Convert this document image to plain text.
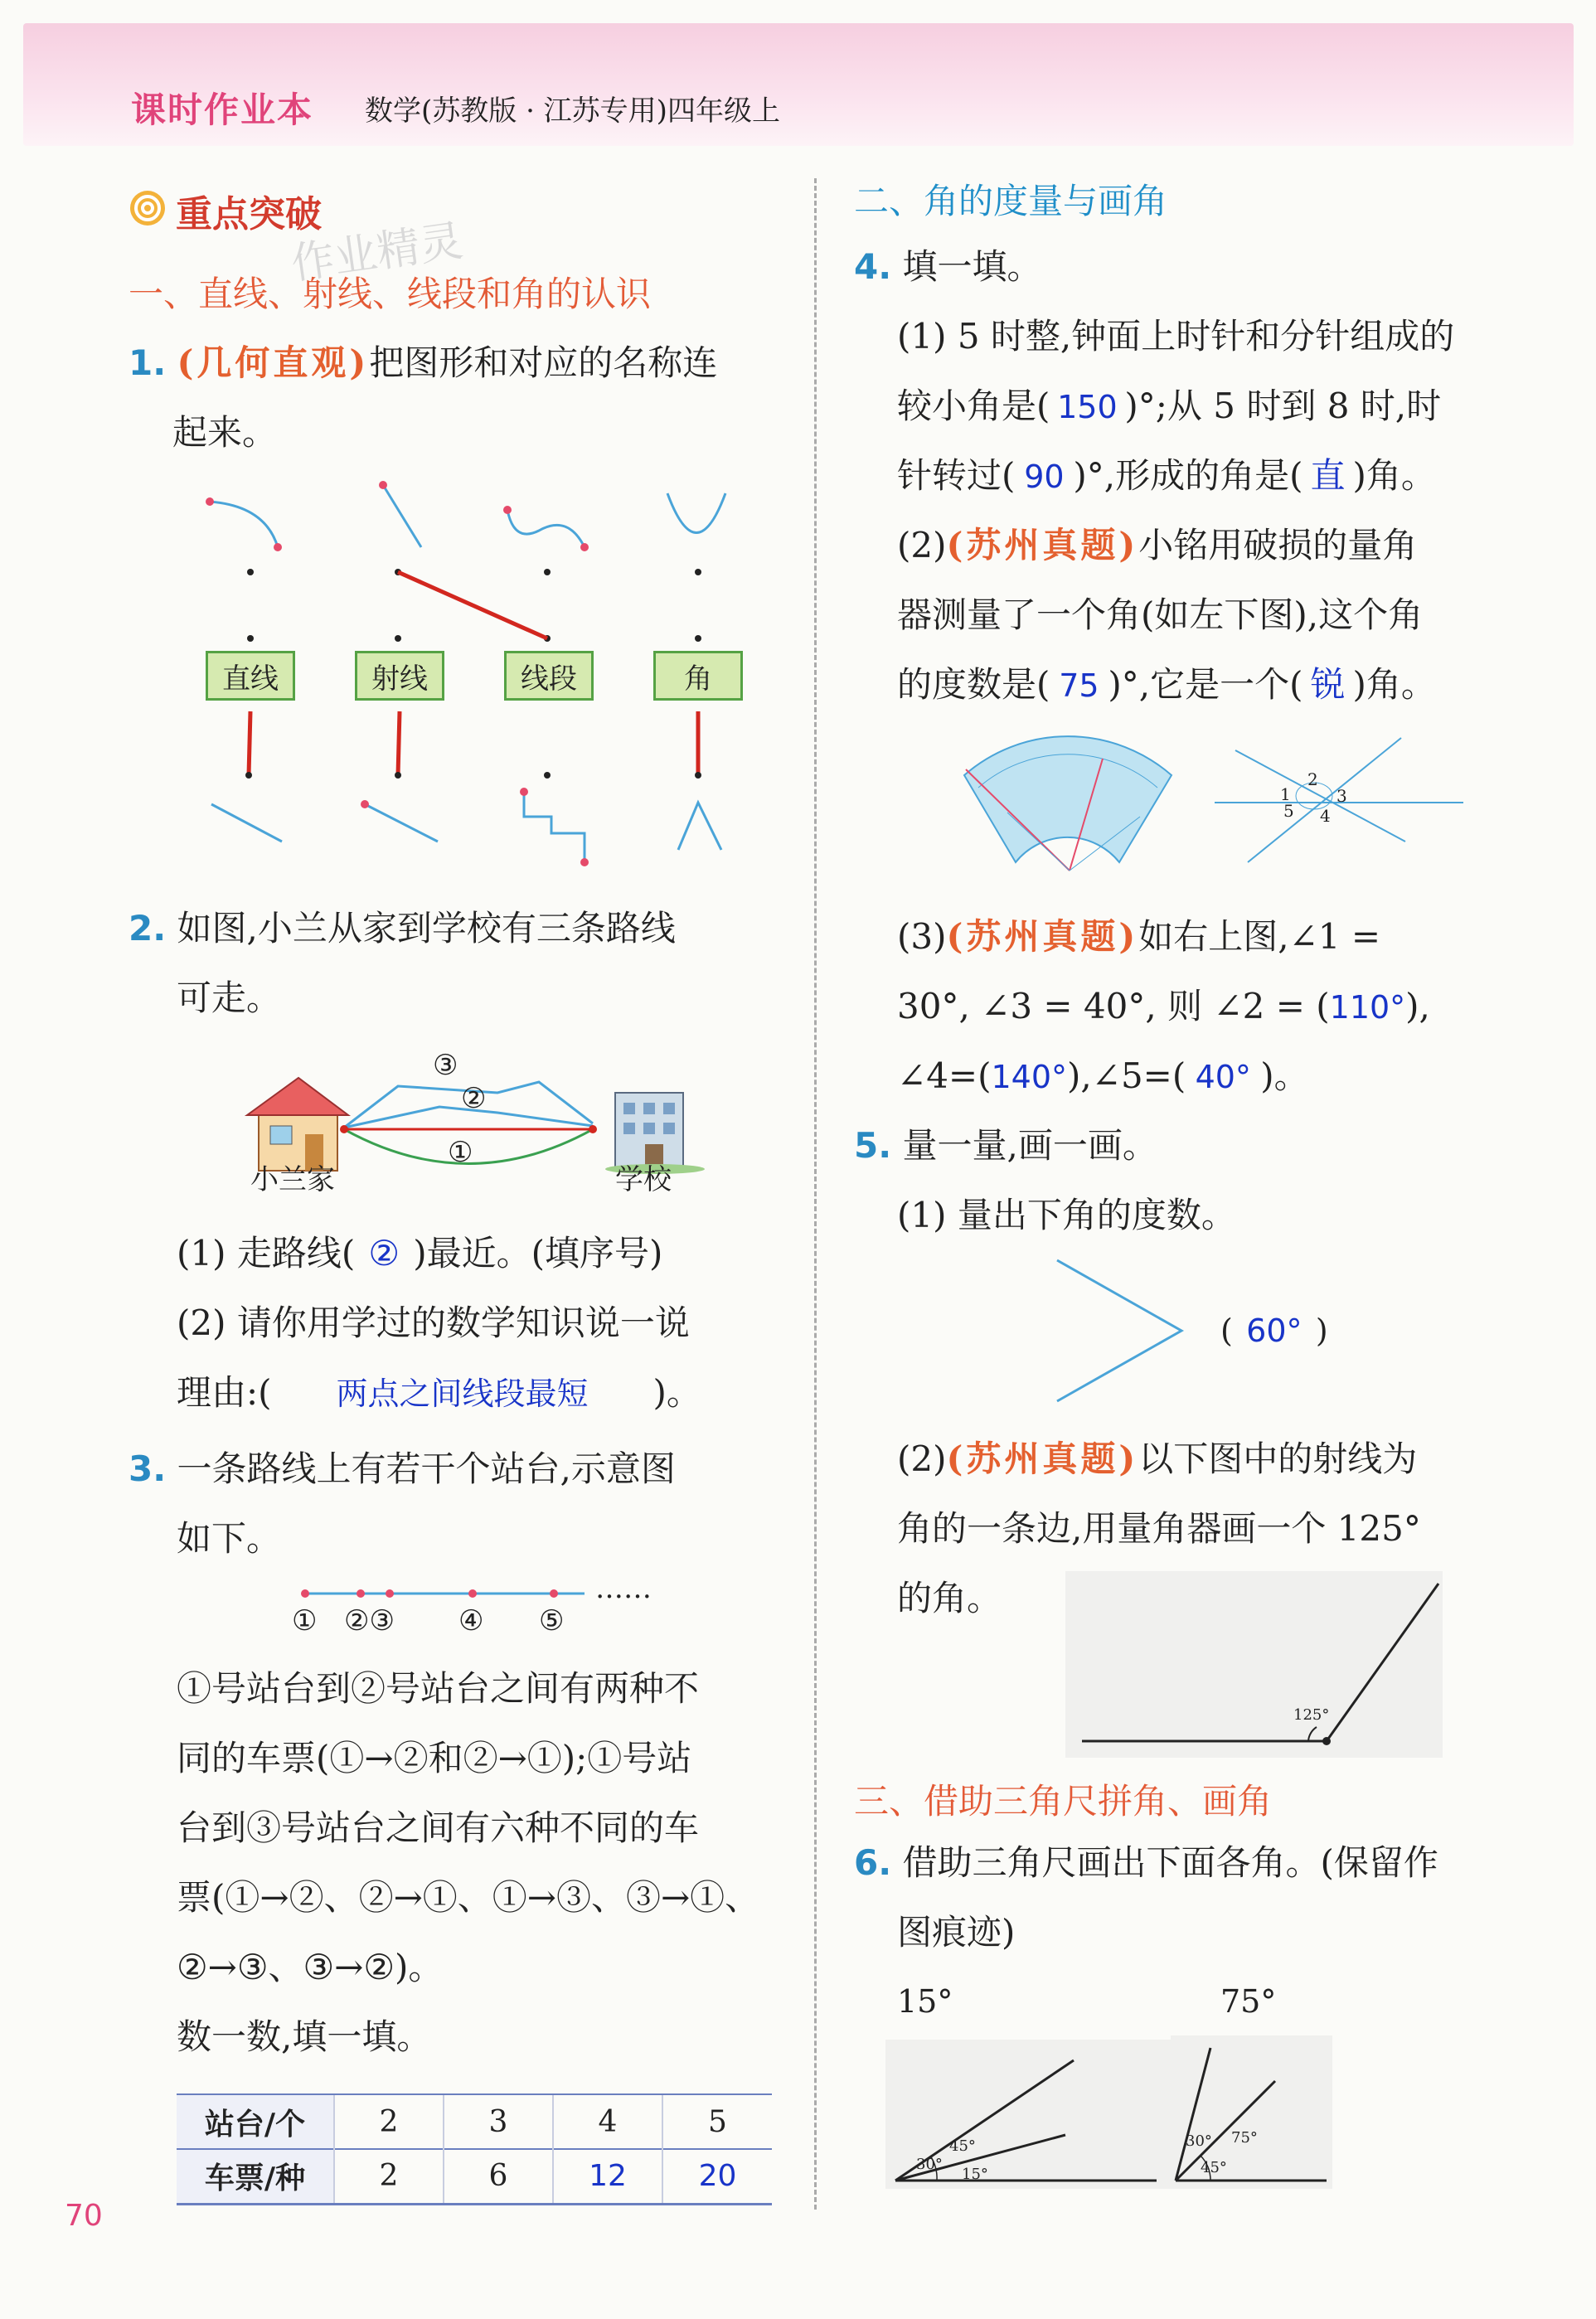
课时作业本 数学(苏教版 · 江苏专用)四年级上
重点突破
作业精灵
一、直线、射线、线段和角的认识
1. (几何直观)把图形和对应的名称连
起来。
直线	射线	线段	角
2. 如图,小兰从家到学校有三条路线
可走。
③
②
①
小兰家	学校
(1) 走路线( ② )最近。(填序号)
(2) 请你用学过的数学知识说一说
理由:( 两点之间线段最短 )。
3. 一条路线上有若干个站台,示意图
如下。
……
① ②③ ④ ⑤
①号站台到②号站台之间有两种不
同的车票(①→②和②→①);①号站
台到③号站台之间有六种不同的车
票(①→②、②→①、①→③、③→①、
②→③、③→②)。
数一数,填一填。
站台/个	2	3	4	5
车票/种	2	6	12	20
70
二、角的度量与画角
4. 填一填。
(1) 5 时整,钟面上时针和分针组成的
较小角是( 150 )°;从 5 时到 8 时,时
针转过( 90 )°,形成的角是( 直 )角。
(2)(苏州真题)小铭用破损的量角
器测量了一个角(如左下图),这个角
的度数是( 75 )°,它是一个( 锐 )角。
1
2
3
4
5
(3)(苏州真题)如右上图,∠1 =
30°, ∠3 = 40°, 则 ∠2 = (110°),
∠4=(140°),∠5=( 40° )。
5. 量一量,画一画。
(1) 量出下角的度数。
( 60° )
(2)(苏州真题)以下图中的射线为
角的一条边,用量角器画一个 125°
的角。
125°
三、借助三角尺拼角、画角
6. 借助三角尺画出下面各角。(保留作
图痕迹)
15°	75°
45°
30°
15°
30° 75°
45°
